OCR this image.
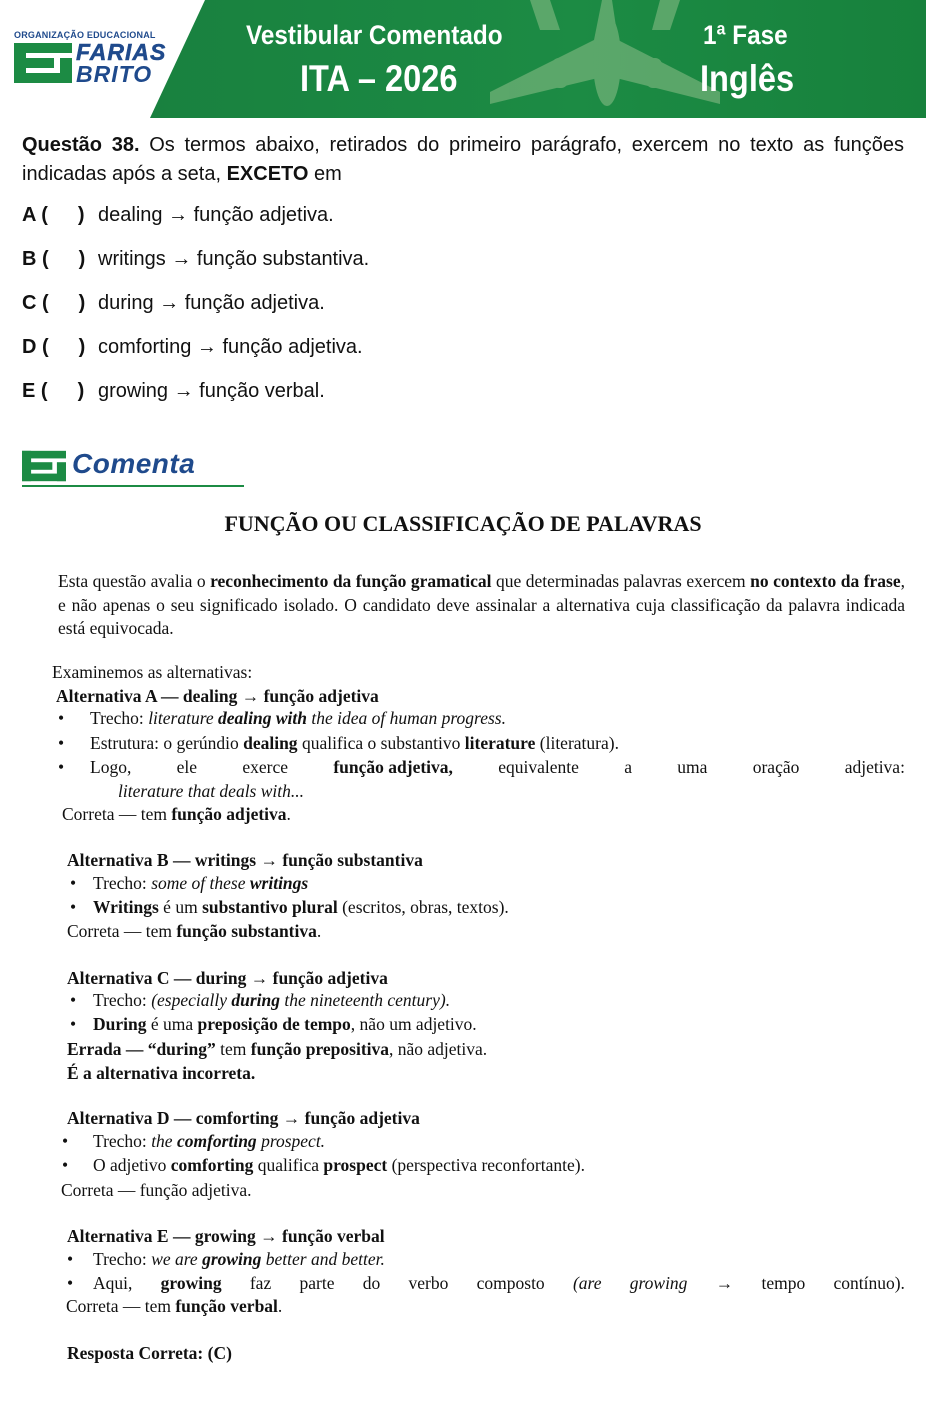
ORGANIZAÇÃO EDUCACIONAL
FARIAS
BRITO
Vestibular Comentado
ITA – 2026
1ª Fase
Inglês
Questão 38. Os termos abaixo, retirados do primeiro parágrafo, exercem no texto as funções indicadas após a seta, EXCETO em
A ( ) dealing → função adjetiva.
B ( ) writings → função substantiva.
C ( ) during → função adjetiva.
D ( ) comforting → função adjetiva.
E ( ) growing → função verbal.
Comenta
FUNÇÃO OU CLASSIFICAÇÃO DE PALAVRAS
Esta questão avalia o reconhecimento da função gramatical que determinadas palavras exercem no contexto da frase, e não apenas o seu significado isolado. O candidato deve assinalar a alternativa cuja classificação da palavra indicada está equivocada.
Examinemos as alternativas:
Alternativa A — dealing → função adjetiva
• Trecho: literature dealing with the idea of human progress.
• Estrutura: o gerúndio dealing qualifica o substantivo literature (literatura).
• Logo,	ele	exerce	função adjetiva,	equivalente	a	uma	oração	adjetiva:
literature that deals with...
Correta — tem função adjetiva.
Alternativa B — writings → função substantiva
• Trecho: some of these writings
• Writings é um substantivo plural (escritos, obras, textos).
Correta — tem função substantiva.
Alternativa C — during → função adjetiva
• Trecho: (especially during the nineteenth century).
• During é uma preposição de tempo, não um adjetivo.
Errada — “during” tem função prepositiva, não adjetiva.
É a alternativa incorreta.
Alternativa D — comforting → função adjetiva
• Trecho: the comforting prospect.
• O adjetivo comforting qualifica prospect (perspectiva reconfortante).
Correta — função adjetiva.
Alternativa E — growing → função verbal
• Trecho: we are growing better and better.
• Aqui, growing faz parte do verbo composto (are growing → tempo contínuo).
Correta — tem função verbal.
Resposta Correta: (C)
